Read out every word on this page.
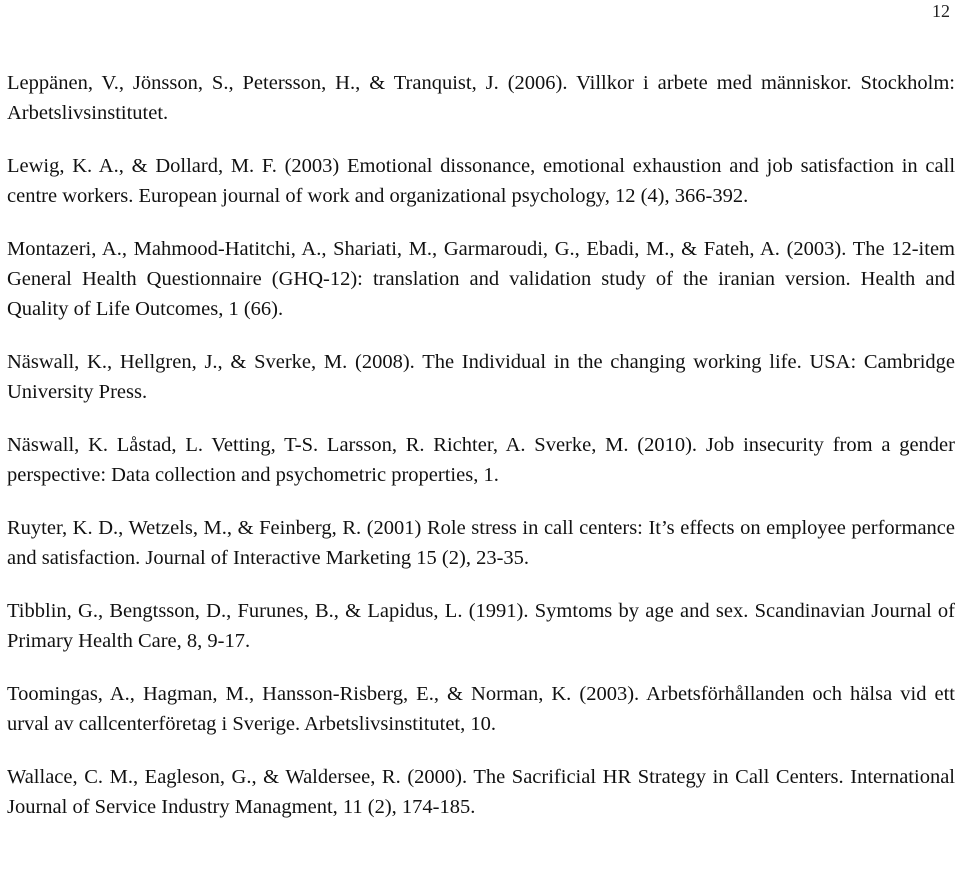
12

Leppänen, V., Jönsson, S., Petersson, H., & Tranquist, J. (2006). Villkor i arbete med människor. Stockholm: Arbetslivsinstitutet.

Lewig, K. A., & Dollard, M. F. (2003) Emotional dissonance, emotional exhaustion and job satisfaction in call centre workers. European journal of work and organizational psychology, 12 (4), 366-392.

Montazeri, A., Mahmood-Hatitchi, A., Shariati, M., Garmaroudi, G., Ebadi, M., & Fateh, A. (2003). The 12-item General Health Questionnaire (GHQ-12): translation and validation study of the iranian version. Health and Quality of Life Outcomes, 1 (66).

Näswall, K., Hellgren, J., & Sverke, M. (2008). The Individual in the changing working life. USA: Cambridge University Press.

Näswall, K. Låstad, L. Vetting, T-S. Larsson, R. Richter, A. Sverke, M. (2010). Job insecurity from a gender perspective: Data collection and psychometric properties, 1.

Ruyter, K. D., Wetzels, M., & Feinberg, R. (2001) Role stress in call centers: It’s effects on employee performance and satisfaction. Journal of Interactive Marketing 15 (2), 23-35.

Tibblin, G., Bengtsson, D., Furunes, B., & Lapidus, L. (1991). Symtoms by age and sex. Scandinavian Journal of Primary Health Care, 8, 9-17.

Toomingas, A., Hagman, M., Hansson-Risberg, E., & Norman, K. (2003). Arbetsförhållanden och hälsa vid ett urval av callcenterföretag i Sverige. Arbetslivsinstitutet, 10.

Wallace, C. M., Eagleson, G., & Waldersee, R. (2000). The Sacrificial HR Strategy in Call Centers. International Journal of Service Industry Managment, 11 (2), 174-185.
